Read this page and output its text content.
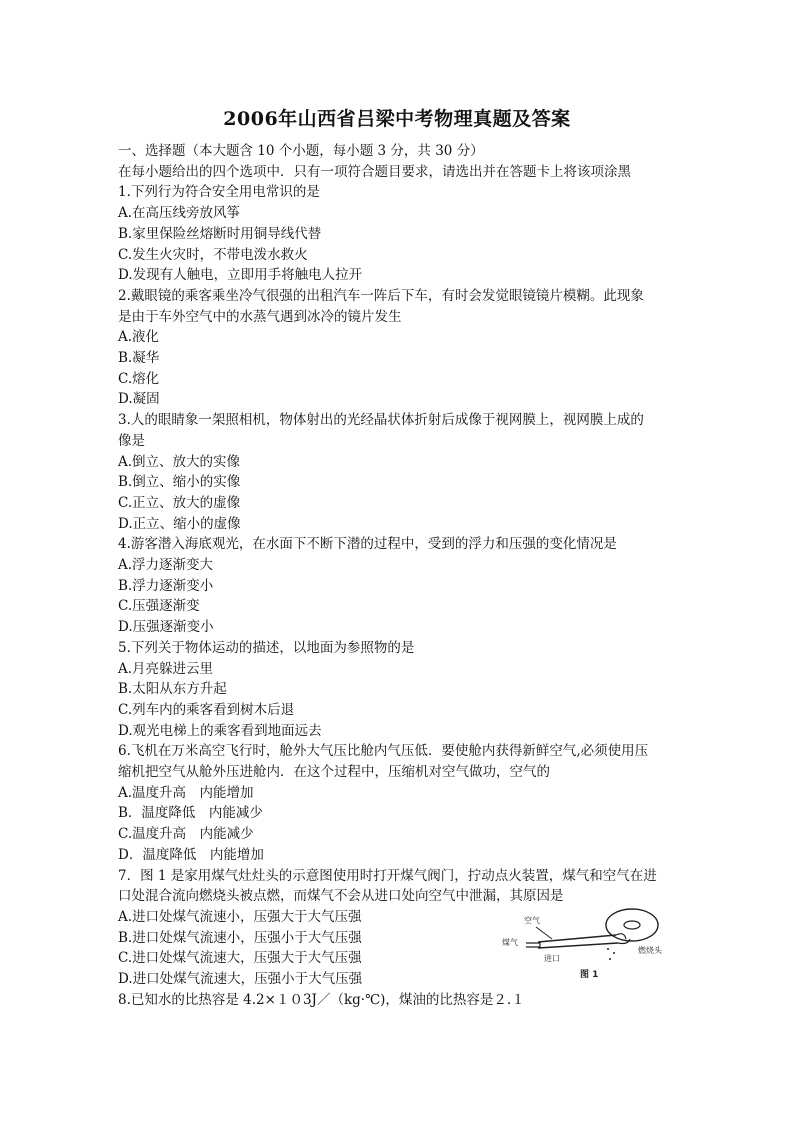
2006年山西省吕梁中考物理真题及答案
一、选择题（本大题含 10 个小题，每小题 3 分，共 30 分）
在每小题给出的四个选项中．只有一项符合题目要求，请选出并在答题卡上将该项涂黑
1.下列行为符合安全用电常识的是
A.在高压线旁放风筝
B.家里保险丝熔断时用铜导线代替
C.发生火灾时，不带电泼水救火
D.发现有人触电，立即用手将触电人拉开
2.戴眼镜的乘客乘坐冷气很强的出租汽车一阵后下车，有时会发觉眼镜镜片模糊。此现象
是由于车外空气中的水蒸气遇到冰冷的镜片发生
A.液化
B.凝华
C.熔化
D.凝固
3.人的眼睛象一架照相机，物体射出的光经晶状体折射后成像于视网膜上，视网膜上成的
像是
A.倒立、放大的实像
B.倒立、缩小的实像
C.正立、放大的虚像
D.正立、缩小的虚像
4.游客潜入海底观光，在水面下不断下潜的过程中，受到的浮力和压强的变化情况是
A.浮力逐渐变大
B.浮力逐渐变小
C.压强逐渐变
D.压强逐渐变小
5.下列关于物体运动的描述，以地面为参照物的是
A.月亮躲进云里
B.太阳从东方升起
C.列车内的乘客看到树木后退
D.观光电梯上的乘客看到地面远去
6.飞机在万米高空飞行时，舱外大气压比舱内气压低．要使舱内获得新鲜空气,必须使用压
缩机把空气从舱外压进舱内．在这个过程中，压缩机对空气做功，空气的
A.温度升高　内能增加
B．温度降低　内能减少
C.温度升高　内能减少
D．温度降低　内能增加
7．图 1 是家用煤气灶灶头的示意图使用时打开煤气阀门，拧动点火装置，煤气和空气在进
口处混合流向燃烧头被点燃，而煤气不会从进口处向空气中泄漏，其原因是
A.进口处煤气流速小，压强大于大气压强
B.进口处煤气流速小，压强小于大气压强
C.进口处煤气流速大，压强大于大气压强
D.进口处煤气流速大，压强小于大气压强
8.已知水的比热容是 4.2×１０3J／（kg·℃)，煤油的比热容是２.１
空气
煤气
进口
燃烧头
图 1
